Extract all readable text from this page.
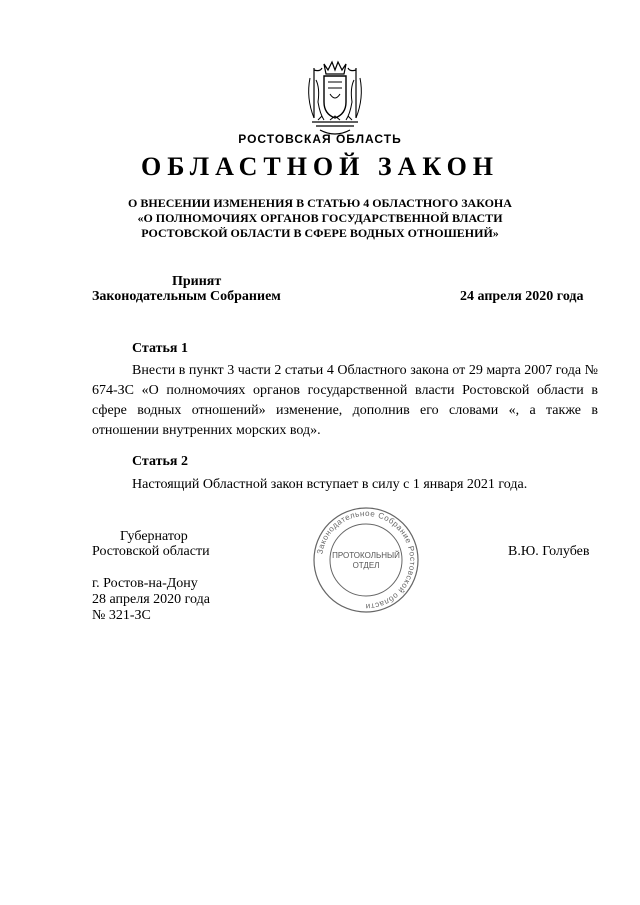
РОСТОВСКАЯ ОБЛАСТЬ
ОБЛАСТНОЙ ЗАКОН
О ВНЕСЕНИИ ИЗМЕНЕНИЯ В СТАТЬЮ 4 ОБЛАСТНОГО ЗАКОНА
«О ПОЛНОМОЧИЯХ ОРГАНОВ ГОСУДАРСТВЕННОЙ ВЛАСТИ
РОСТОВСКОЙ ОБЛАСТИ В СФЕРЕ ВОДНЫХ ОТНОШЕНИЙ»
Принят
Законодательным Собранием	24 апреля 2020 года
Статья 1
Внести в пункт 3 части 2 статьи 4 Областного закона от 29 марта 2007 года № 674-ЗС «О полномочиях органов государственной власти Ростовской области в сфере водных отношений» изменение, дополнив его словами «, а также в отношении внутренних морских вод».
Статья 2
Настоящий Областной закон вступает в силу с 1 января 2021 года.
Губернатор
Ростовской области	В.Ю. Голубев
Законодательное Собрание Ростовской области
ПРОТОКОЛЬНЫЙ
ОТДЕЛ
г. Ростов-на-Дону
28 апреля 2020 года
№ 321-ЗС
